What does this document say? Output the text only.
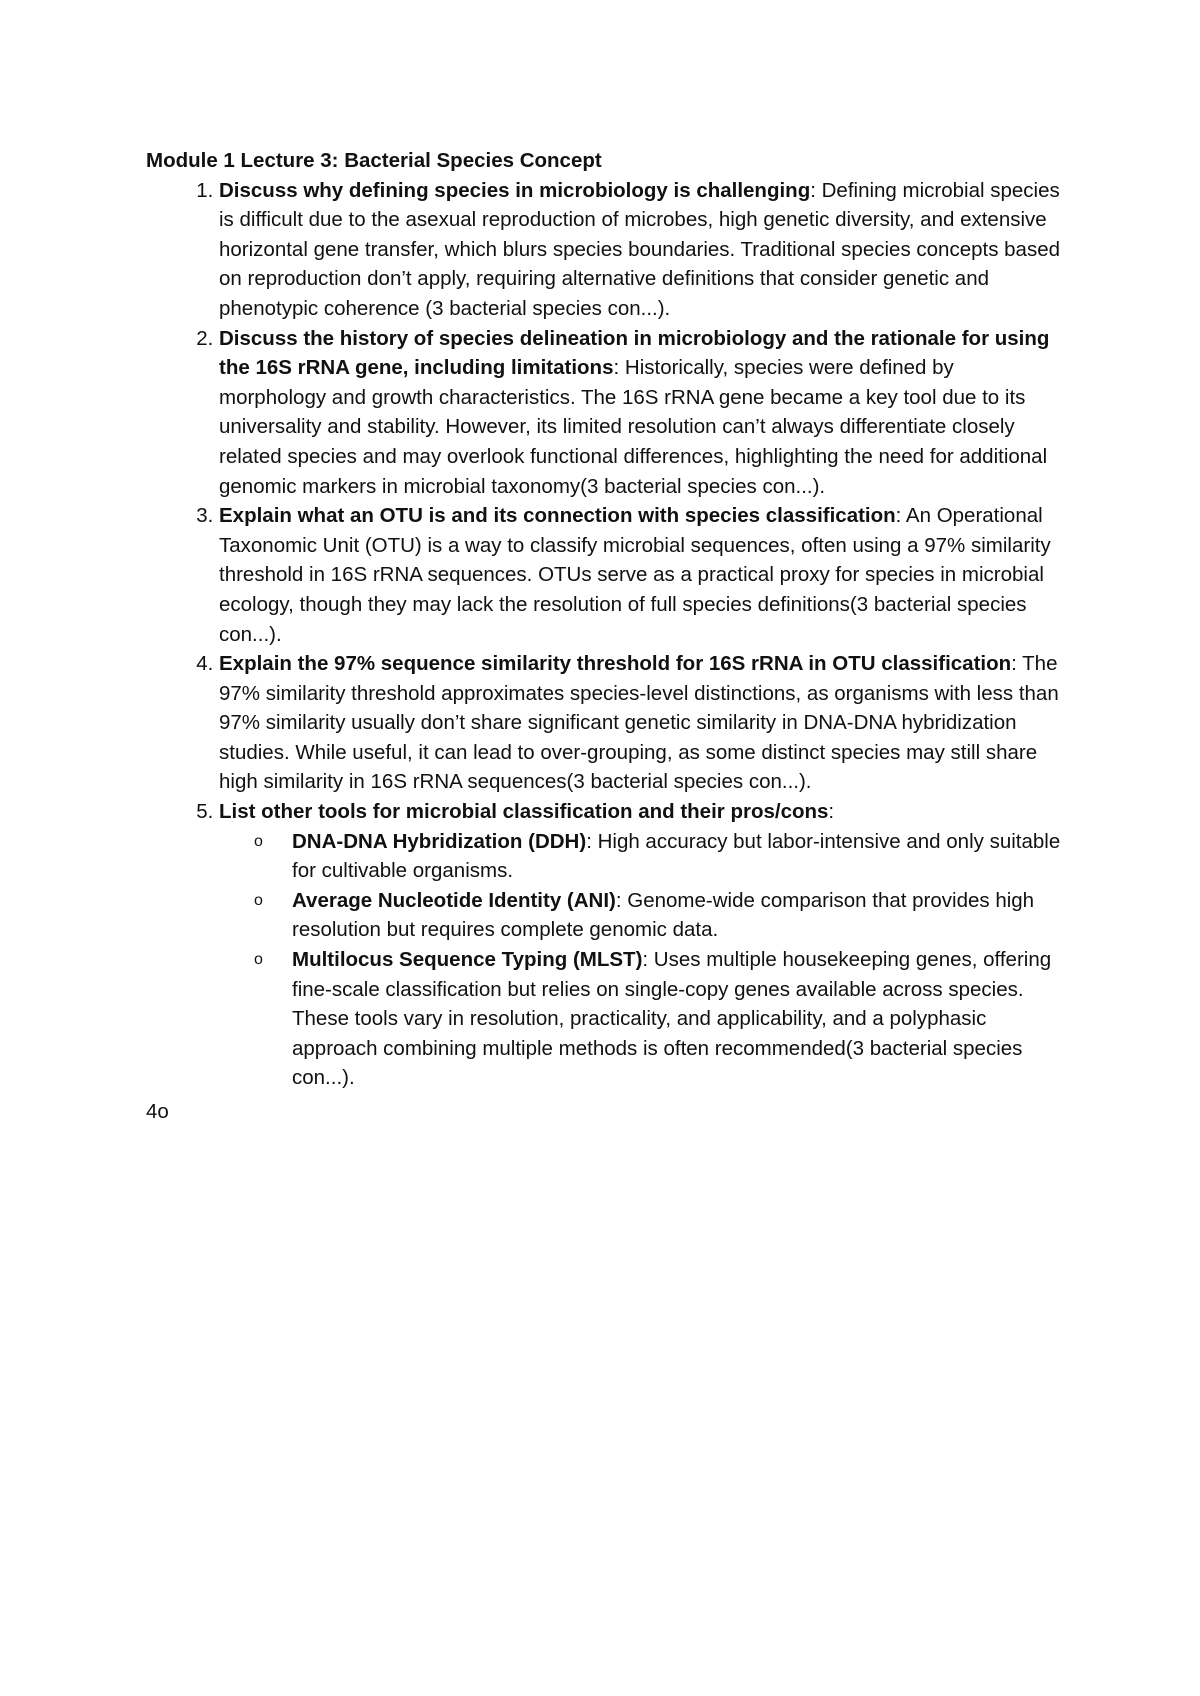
Module 1 Lecture 3: Bacterial Species Concept

1. Discuss why defining species in microbiology is challenging: Defining microbial species is difficult due to the asexual reproduction of microbes, high genetic diversity, and extensive horizontal gene transfer, which blurs species boundaries. Traditional species concepts based on reproduction don’t apply, requiring alternative definitions that consider genetic and phenotypic coherence (3 bacterial species con...).
2. Discuss the history of species delineation in microbiology and the rationale for using the 16S rRNA gene, including limitations: Historically, species were defined by morphology and growth characteristics. The 16S rRNA gene became a key tool due to its universality and stability. However, its limited resolution can’t always differentiate closely related species and may overlook functional differences, highlighting the need for additional genomic markers in microbial taxonomy(3 bacterial species con...).
3. Explain what an OTU is and its connection with species classification: An Operational Taxonomic Unit (OTU) is a way to classify microbial sequences, often using a 97% similarity threshold in 16S rRNA sequences. OTUs serve as a practical proxy for species in microbial ecology, though they may lack the resolution of full species definitions(3 bacterial species con...).
4. Explain the 97% sequence similarity threshold for 16S rRNA in OTU classification: The 97% similarity threshold approximates species-level distinctions, as organisms with less than 97% similarity usually don’t share significant genetic similarity in DNA-DNA hybridization studies. While useful, it can lead to over-grouping, as some distinct species may still share high similarity in 16S rRNA sequences(3 bacterial species con...).
5. List other tools for microbial classification and their pros/cons:
o DNA-DNA Hybridization (DDH): High accuracy but labor-intensive and only suitable for cultivable organisms.
o Average Nucleotide Identity (ANI): Genome-wide comparison that provides high resolution but requires complete genomic data.
o Multilocus Sequence Typing (MLST): Uses multiple housekeeping genes, offering fine-scale classification but relies on single-copy genes available across species. These tools vary in resolution, practicality, and applicability, and a polyphasic approach combining multiple methods is often recommended(3 bacterial species con...).
4o
